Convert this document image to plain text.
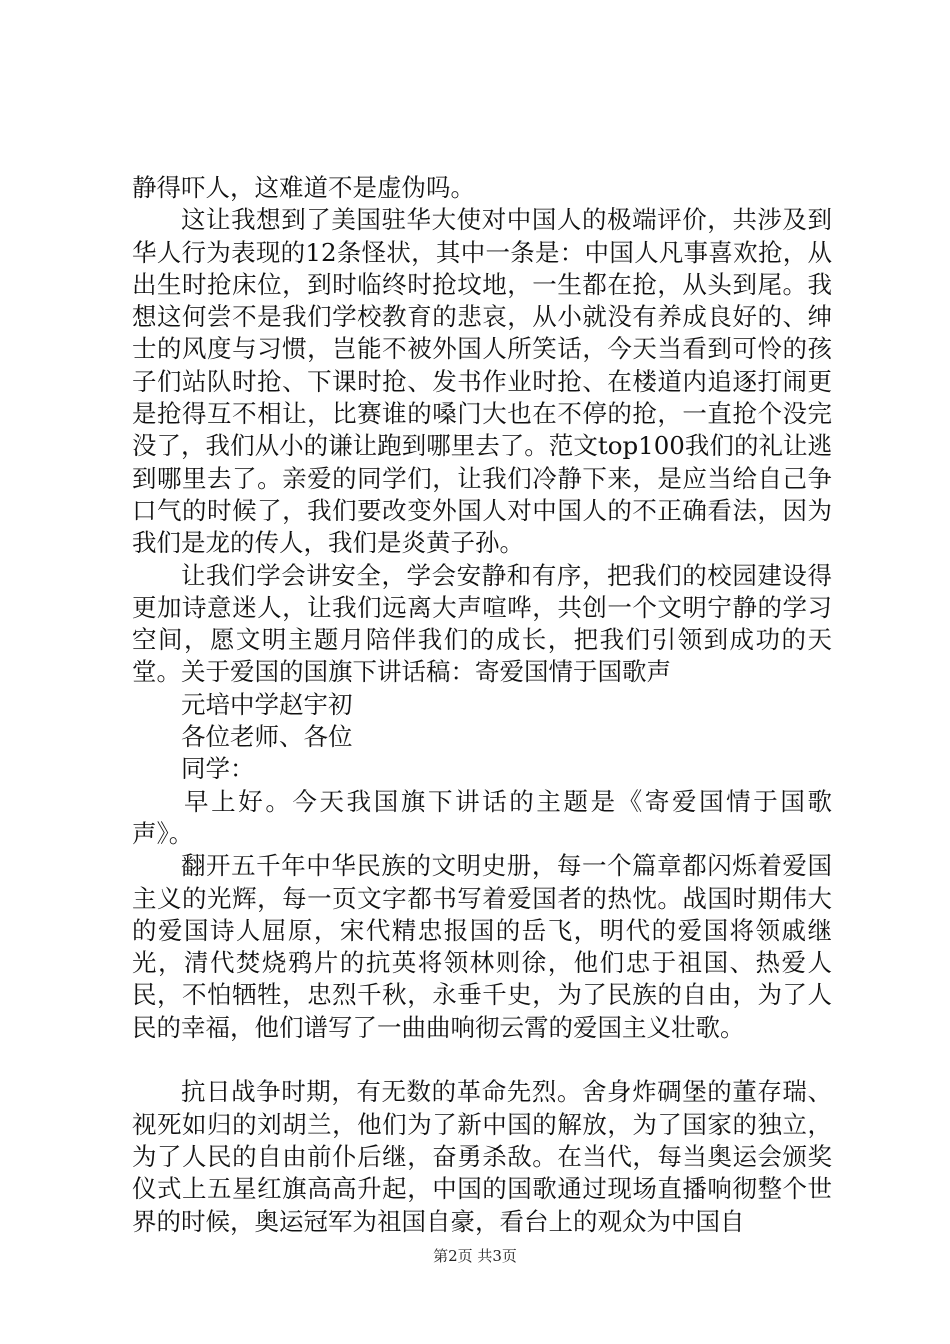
静得吓人，这难道不是虚伪吗。

这让我想到了美国驻华大使对中国人的极端评价，共涉及到华人行为表现的12条怪状，其中一条是：中国人凡事喜欢抢，从出生时抢床位，到时临终时抢坟地，一生都在抢，从头到尾。我想这何尝不是我们学校教育的悲哀，从小就没有养成良好的、绅士的风度与习惯，岂能不被外国人所笑话，今天当看到可怜的孩子们站队时抢、下课时抢、发书作业时抢、在楼道内追逐打闹更是抢得互不相让，比赛谁的嗓门大也在不停的抢，一直抢个没完没了，我们从小的谦让跑到哪里去了。范文top100我们的礼让逃到哪里去了。亲爱的同学们，让我们冷静下来，是应当给自己争口气的时候了，我们要改变外国人对中国人的不正确看法，因为我们是龙的传人，我们是炎黄子孙。

让我们学会讲安全，学会安静和有序，把我们的校园建设得更加诗意迷人，让我们远离大声喧哗，共创一个文明宁静的学习空间，愿文明主题月陪伴我们的成长，把我们引领到成功的天堂。关于爱国的国旗下讲话稿：寄爱国情于国歌声

元培中学赵宇初

各位老师、各位

同学：

早上好。今天我国旗下讲话的主题是《寄爱国情于国歌声》。

翻开五千年中华民族的文明史册，每一个篇章都闪烁着爱国主义的光辉，每一页文字都书写着爱国者的热忱。战国时期伟大的爱国诗人屈原，宋代精忠报国的岳飞，明代的爱国将领戚继光，清代焚烧鸦片的抗英将领林则徐，他们忠于祖国、热爱人民，不怕牺牲，忠烈千秋，永垂千史，为了民族的自由，为了人民的幸福，他们谱写了一曲曲响彻云霄的爱国主义壮歌。

抗日战争时期，有无数的革命先烈。舍身炸碉堡的董存瑞、视死如归的刘胡兰，他们为了新中国的解放，为了国家的独立，为了人民的自由前仆后继，奋勇杀敌。在当代，每当奥运会颁奖仪式上五星红旗高高升起，中国的国歌通过现场直播响彻整个世界的时候，奥运冠军为祖国自豪，看台上的观众为中国自

第2页 共3页
